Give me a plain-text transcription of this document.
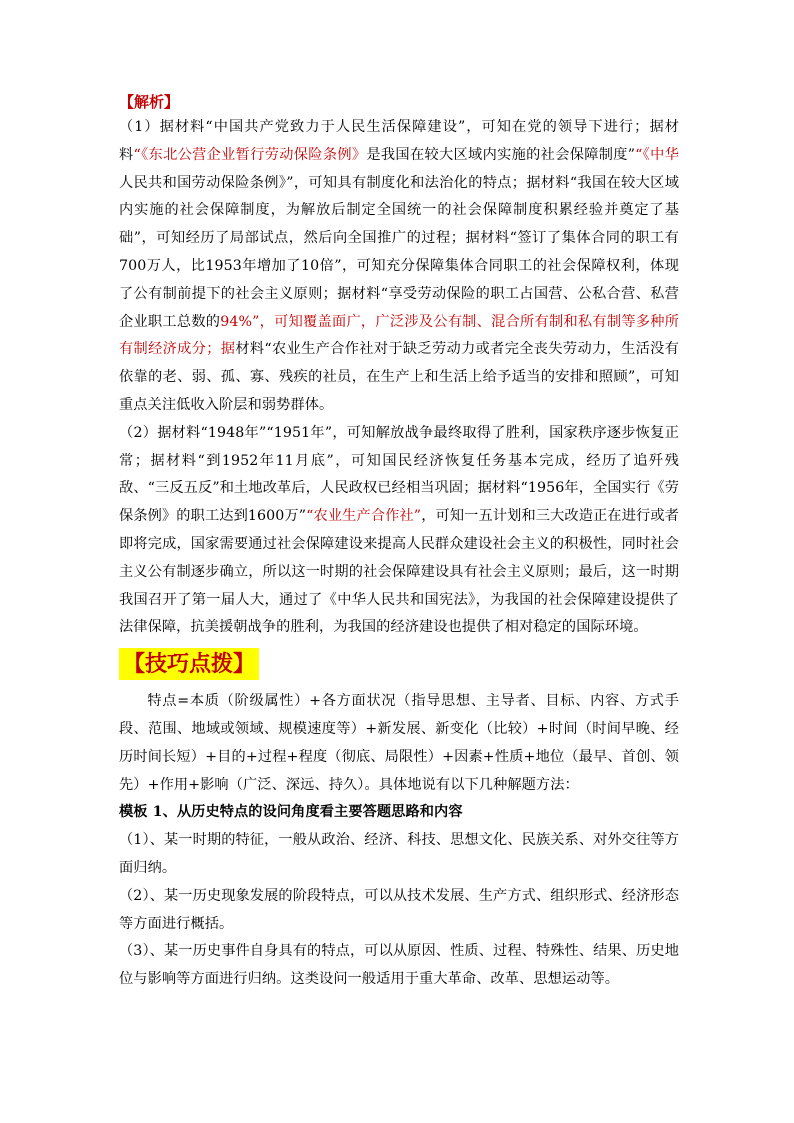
【解析】

（1）据材料“中国共产党致力于人民生活保障建设”，可知在党的领导下进行；据材料“《东北公营企业暂行劳动保险条例》是我国在较大区域内实施的社会保障制度”“《中华人民共和国劳动保险条例》”，可知具有制度化和法治化的特点；据材料“我国在较大区域内实施的社会保障制度，为解放后制定全国统一的社会保障制度积累经验并奠定了基础”，可知经历了局部试点，然后向全国推广的过程；据材料“签订了集体合同的职工有700万人，比1953年增加了10倍”，可知充分保障集体合同职工的社会保障权利，体现了公有制前提下的社会主义原则；据材料“享受劳动保险的职工占国营、公私合营、私营企业职工总数的94%”，可知覆盖面广，广泛涉及公有制、混合所有制和私有制等多种所有制经济成分；据材料“农业生产合作社对于缺乏劳动力或者完全丧失劳动力，生活没有依靠的老、弱、孤、寡、残疾的社员，在生产上和生活上给予适当的安排和照顾”，可知重点关注低收入阶层和弱势群体。

（2）据材料“1948年”“1951年”，可知解放战争最终取得了胜利，国家秩序逐步恢复正常；据材料“到1952年11月底”，可知国民经济恢复任务基本完成，经历了追歼残敌、“三反五反”和土地改革后，人民政权已经相当巩固；据材料“1956年，全国实行《劳保条例》的职工达到1600万”“农业生产合作社”，可知一五计划和三大改造正在进行或者即将完成，国家需要通过社会保障建设来提高人民群众建设社会主义的积极性，同时社会主义公有制逐步确立，所以这一时期的社会保障建设具有社会主义原则；最后，这一时期我国召开了第一届人大，通过了《中华人民共和国宪法》，为我国的社会保障建设提供了法律保障，抗美援朝战争的胜利，为我国的经济建设也提供了相对稳定的国际环境。

【技巧点拨】

特点=本质（阶级属性）+各方面状况（指导思想、主导者、目标、内容、方式手段、范围、地域或领域、规模速度等）+新发展、新变化（比较）+时间（时间早晚、经历时间长短）+目的+过程+程度（彻底、局限性）+因素+性质+地位（最早、首创、领先）+作用+影响（广泛、深远、持久）。具体地说有以下几种解题方法：

模板 1、从历史特点的设问角度看主要答题思路和内容

（1）、某一时期的特征，一般从政治、经济、科技、思想文化、民族关系、对外交往等方面归纳。

（2）、某一历史现象发展的阶段特点，可以从技术发展、生产方式、组织形式、经济形态等方面进行概括。

（3）、某一历史事件自身具有的特点，可以从原因、性质、过程、特殊性、结果、历史地位与影响等方面进行归纳。这类设问一般适用于重大革命、改革、思想运动等。
